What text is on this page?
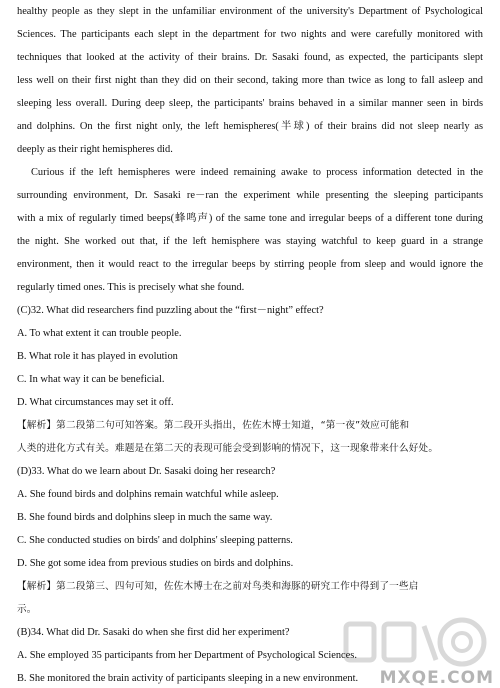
healthy people as they slept in the unfamiliar environment of the university's Department of Psychological
Sciences. The participants each slept in the department for two nights and were carefully monitored with
techniques that looked at the activity of their brains. Dr. Sasaki found, as expected, the participants slept
less well on their first night than they did on their second, taking more than twice as long to fall asleep and
sleeping less overall. During deep sleep, the participants' brains behaved in a similar manner seen in birds
and dolphins. On the first night only, the left hemispheres(半球) of their brains did not sleep nearly as
deeply as their right hemispheres did.
Curious if the left hemispheres were indeed remaining awake to process information detected in the
surrounding environment, Dr. Sasaki re－ran the experiment while presenting the sleeping participants
with a mix of regularly timed beeps(蜂鸣声) of the same tone and irregular beeps of a different tone during
the night. She worked out that, if the left hemisphere was staying watchful to keep guard in a strange
environment, then it would react to the irregular beeps by stirring people from sleep and would ignore the
regularly timed ones. This is precisely what she found.
(C)32. What did researchers find puzzling about the “first－night” effect?
A. To what extent it can trouble people.
B. What role it has played in evolution
C. In what way it can be beneficial.
D. What circumstances may set it off.
【解析】第二段第二句可知答案。第二段开头指出，佐佐木博士知道，“第一夜”效应可能和
人类的进化方式有关。难题是在第二天的表现可能会受到影响的情况下，这一现象带来什么好处。
(D)33. What do we learn about Dr. Sasaki doing her research?
A. She found birds and dolphins remain watchful while asleep.
B. She found birds and dolphins sleep in much the same way.
C. She conducted studies on birds' and dolphins' sleeping patterns.
D. She got some idea from previous studies on birds and dolphins.
【解析】第二段第三、四句可知，佐佐木博士在之前对鸟类和海豚的研究工作中得到了一些启
示。
(B)34. What did Dr. Sasaki do when she first did her experiment?
A. She employed 35 participants from her Department of Psychological Sciences.
B. She monitored the brain activity of participants sleeping in a new environment.	MXQE.COM
